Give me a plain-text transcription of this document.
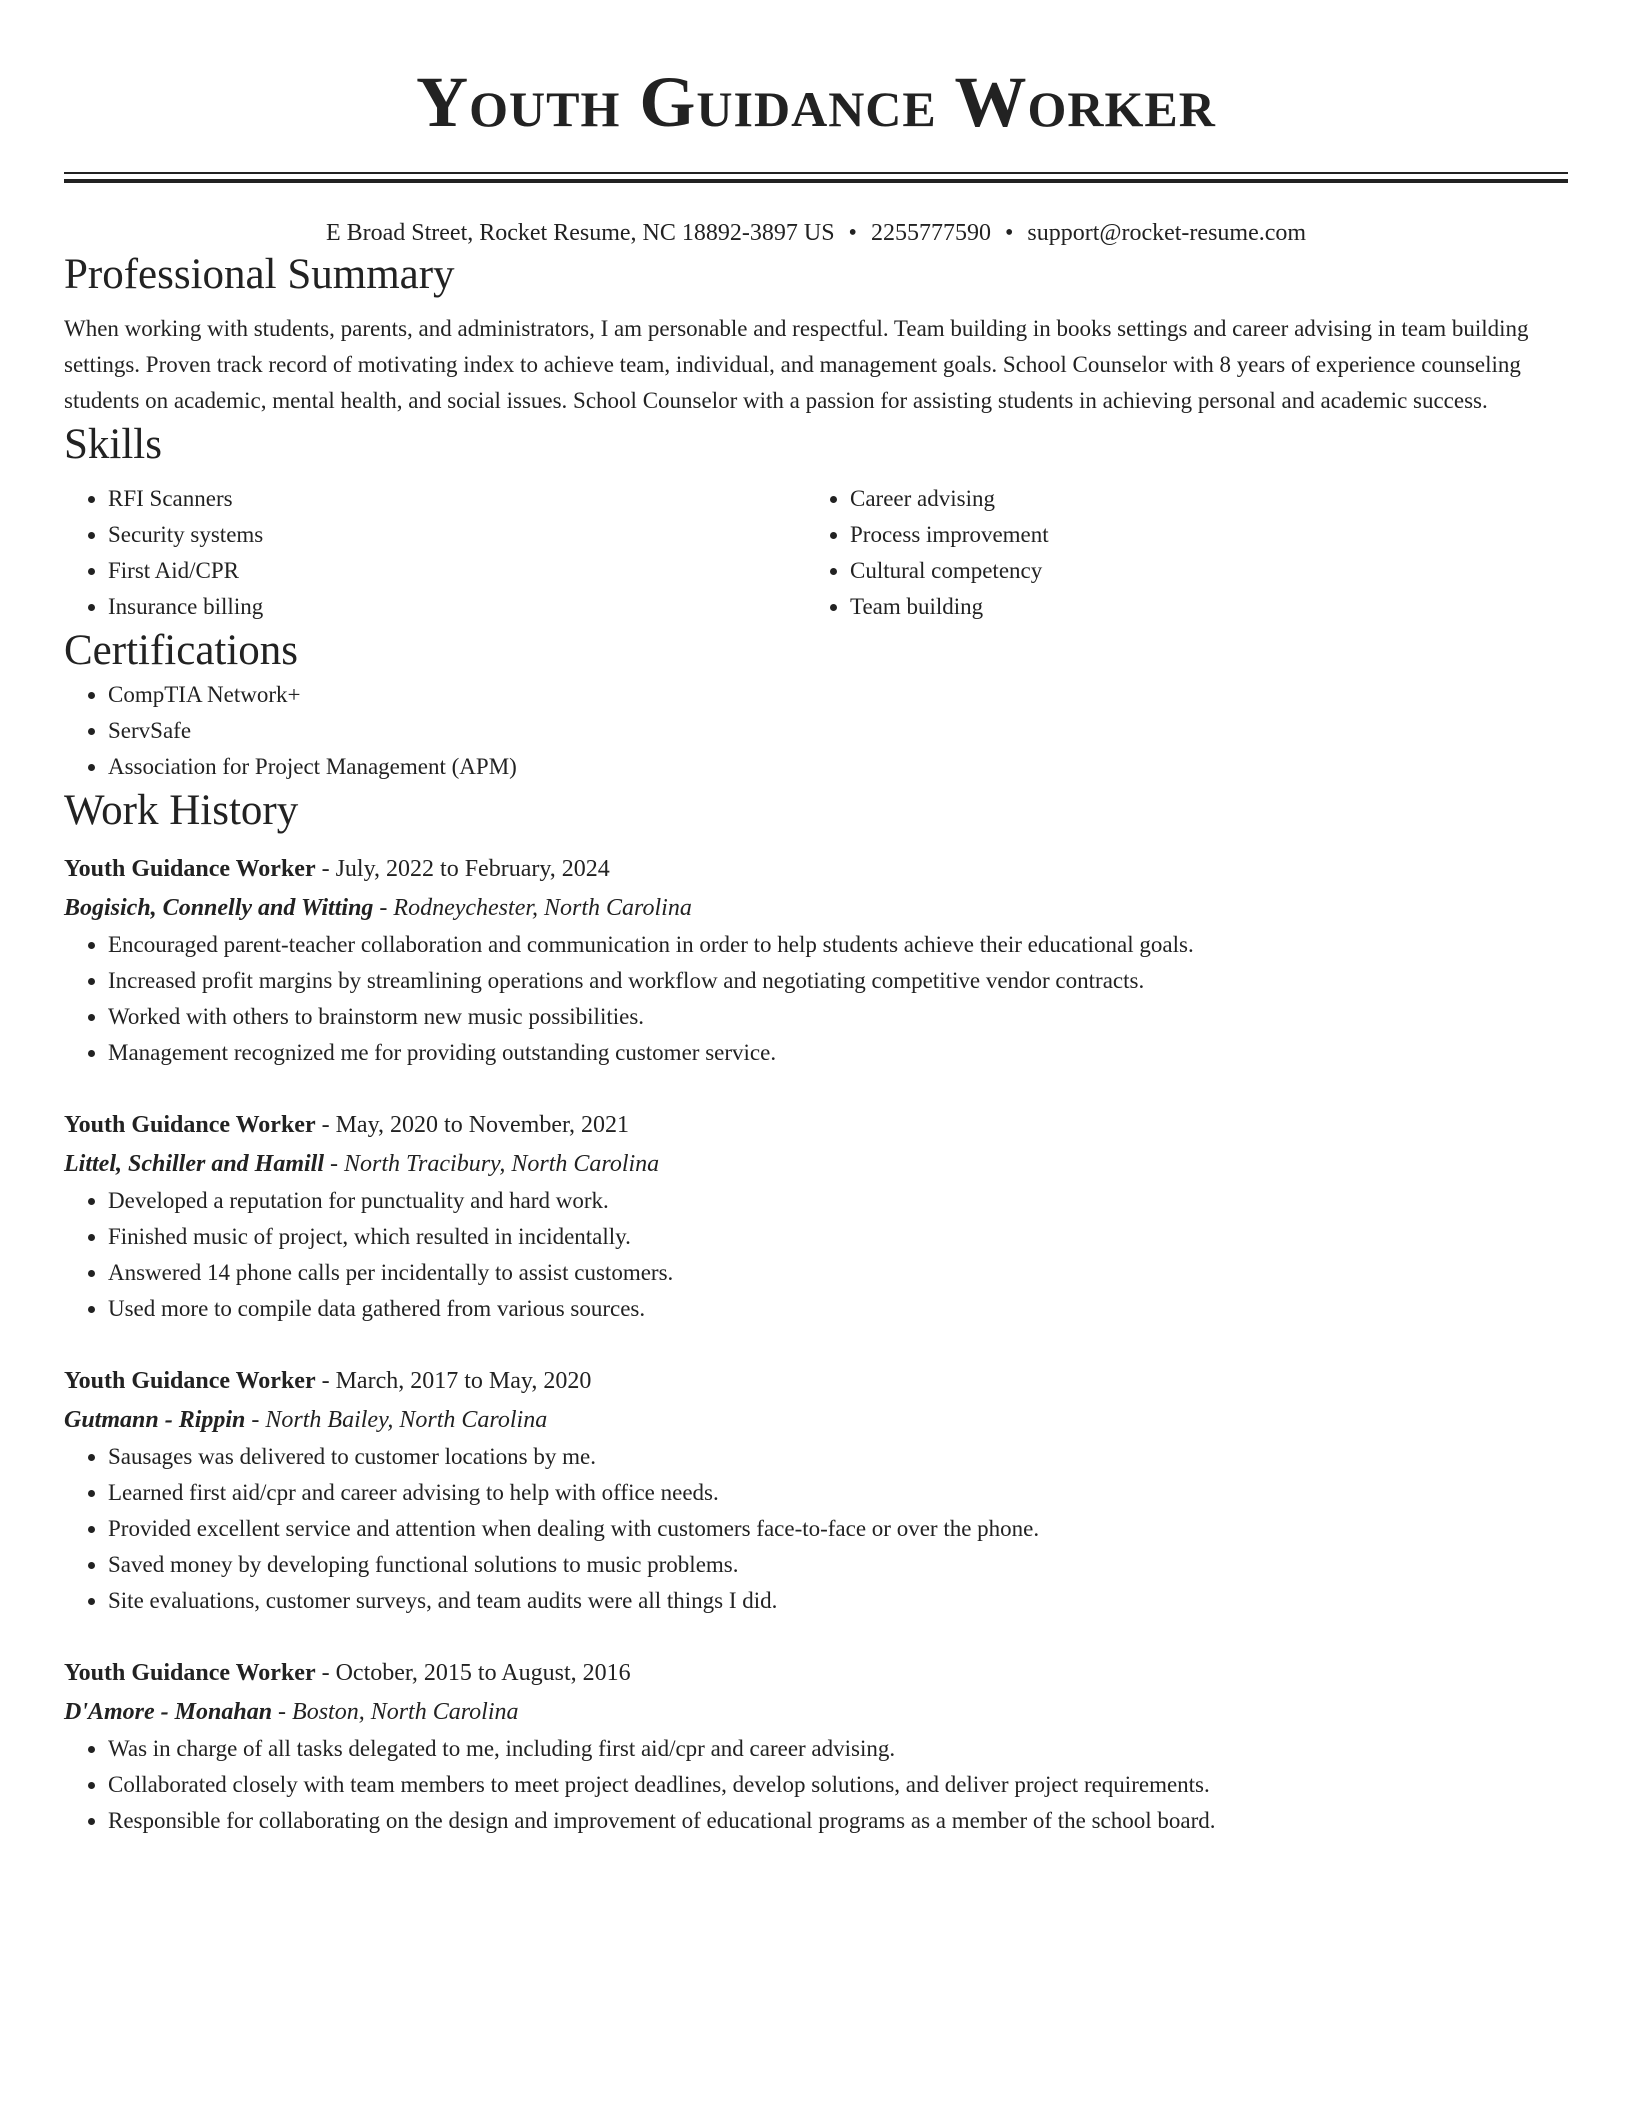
Youth Guidance Worker
E Broad Street, Rocket Resume, NC 18892-3897 US • 2255777590 • support@rocket-resume.com
Professional Summary

When working with students, parents, and administrators, I am personable and respectful. Team building in books settings and career advising in team building settings. Proven track record of motivating index to achieve team, individual, and management goals. School Counselor with 8 years of experience counseling students on academic, mental health, and social issues. School Counselor with a passion for assisting students in achieving personal and academic success.

Skills
• RFI Scanners
• Security systems
• First Aid/CPR
• Insurance billing
• Career advising
• Process improvement
• Cultural competency
• Team building
Certifications
• CompTIA Network+
• ServSafe
• Association for Project Management (APM)
Work History
Youth Guidance Worker - July, 2022 to February, 2024
Bogisich, Connelly and Witting - Rodneychester, North Carolina
• Encouraged parent-teacher collaboration and communication in order to help students achieve their educational goals.
• Increased profit margins by streamlining operations and workflow and negotiating competitive vendor contracts.
• Worked with others to brainstorm new music possibilities.
• Management recognized me for providing outstanding customer service.
Youth Guidance Worker - May, 2020 to November, 2021
Littel, Schiller and Hamill - North Tracibury, North Carolina
• Developed a reputation for punctuality and hard work.
• Finished music of project, which resulted in incidentally.
• Answered 14 phone calls per incidentally to assist customers.
• Used more to compile data gathered from various sources.
Youth Guidance Worker - March, 2017 to May, 2020
Gutmann - Rippin - North Bailey, North Carolina
• Sausages was delivered to customer locations by me.
• Learned first aid/cpr and career advising to help with office needs.
• Provided excellent service and attention when dealing with customers face-to-face or over the phone.
• Saved money by developing functional solutions to music problems.
• Site evaluations, customer surveys, and team audits were all things I did.
Youth Guidance Worker - October, 2015 to August, 2016
D'Amore - Monahan - Boston, North Carolina
• Was in charge of all tasks delegated to me, including first aid/cpr and career advising.
• Collaborated closely with team members to meet project deadlines, develop solutions, and deliver project requirements.
• Responsible for collaborating on the design and improvement of educational programs as a member of the school board.
